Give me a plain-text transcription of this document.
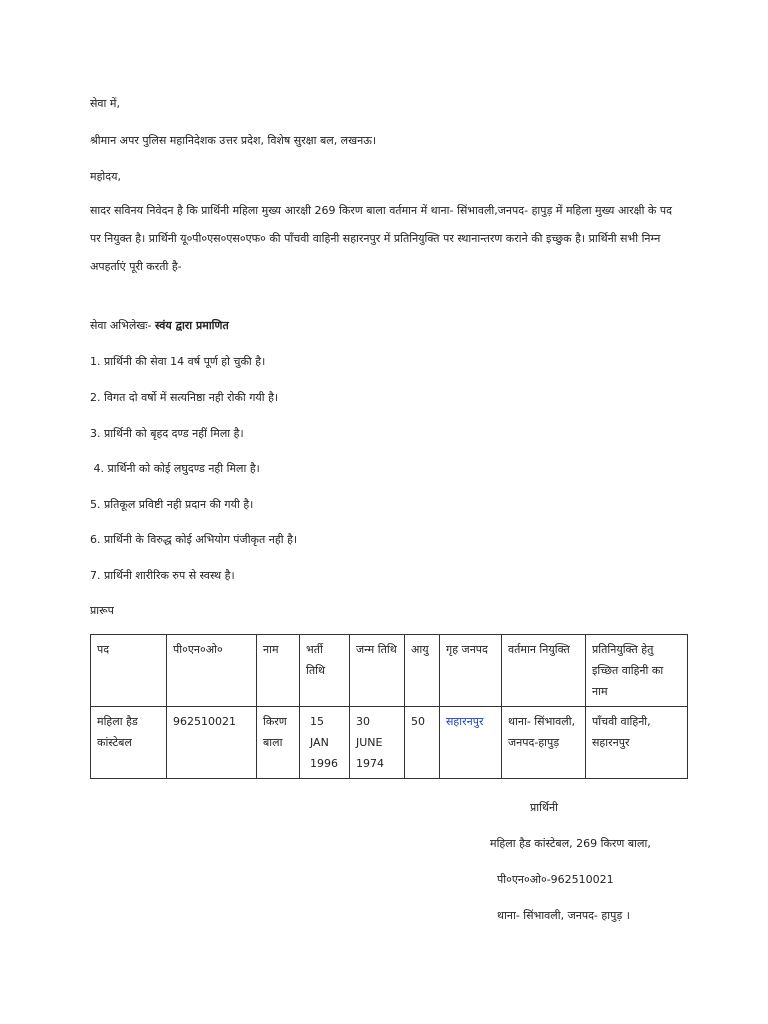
सेवा में,
श्रीमान अपर पुलिस महानिदेशक उत्तर प्रदेश, विशेष सुरक्षा बल, लखनऊ।
महोदय,
सादर सविनय निवेदन है कि प्रार्थिनी महिला मुख्य आरक्षी 269 किरण बाला वर्तमान में थाना- सिंभावली,जनपद- हापुड़ में महिला मुख्य आरक्षी के पद पर नियुक्त है। प्रार्थिनी यू०पी०एस०एस०एफ० की पाँचवी वाहिनी सहारनपुर में प्रतिनियुक्ति पर स्थानान्तरण कराने की इच्छुक है। प्रार्थिनी सभी निम्न अपहर्ताएं पूरी करती है-
सेवा अभिलेखः- स्वंय द्वारा प्रमाणित
1. प्रार्थिनी की सेवा 14 वर्ष पूर्ण हो चुकी है।
2. विगत दो वर्षो में सत्यनिष्ठा नही रोकी गयी है।
3. प्रार्थिनी को बृहद दण्ड नहीं मिला है।
4. प्रार्थिनी को कोई लघुदण्ड नही मिला है।
5. प्रतिकूल प्रविष्टी नही प्रदान की गयी है।
6. प्रार्थिनी के विरुद्ध कोई अभियोग पंजीकृत नही है।
7. प्रार्थिनी शारीरिक रुप से स्वस्थ है।
प्रारूप
पद	पी०एन०ओ०	नाम	भर्ती तिथि	जन्म तिथि	आयु	गृह जनपद	वर्तमान नियुक्ति	प्रतिनियुक्ति हेतु इच्छित वाहिनी का नाम
महिला हैड कांस्टेबल	962510021	किरण बाला	15 JAN 1996	30 JUNE 1974	50	सहारनपुर	थाना- सिंभावली, जनपद-हापुड़	पाँचवी वाहिनी, सहारनपुर
प्रार्थिनी
महिला हैड कांस्टेबल, 269 किरण बाला,
पी०एन०ओ०-962510021
थाना- सिंभावली, जनपद- हापुड़ ।
